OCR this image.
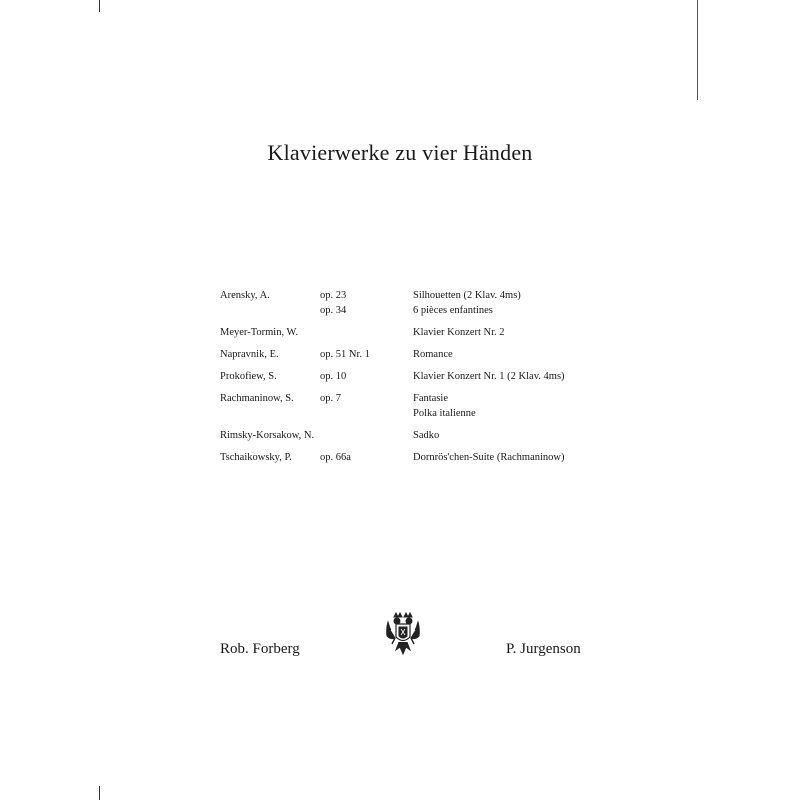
Klavierwerke zu vier Händen
Arensky, A.	op. 23	Silhouetten (2 Klav. 4ms)
op. 34	6 pièces enfantines
Meyer-Tormin, W.	Klavier Konzert Nr. 2
Napravnik, E.	op. 51 Nr. 1	Romance
Prokofiew, S.	op. 10	Klavier Konzert Nr. 1 (2 Klav. 4ms)
Rachmaninow, S.	op. 7	Fantasie
Polka italienne
Rimsky-Korsakow, N.	Sadko
Tschaikowsky, P.	op. 66a	Dornrös'chen-Suite (Rachmaninow)
Rob. Forberg	P. Jurgenson
